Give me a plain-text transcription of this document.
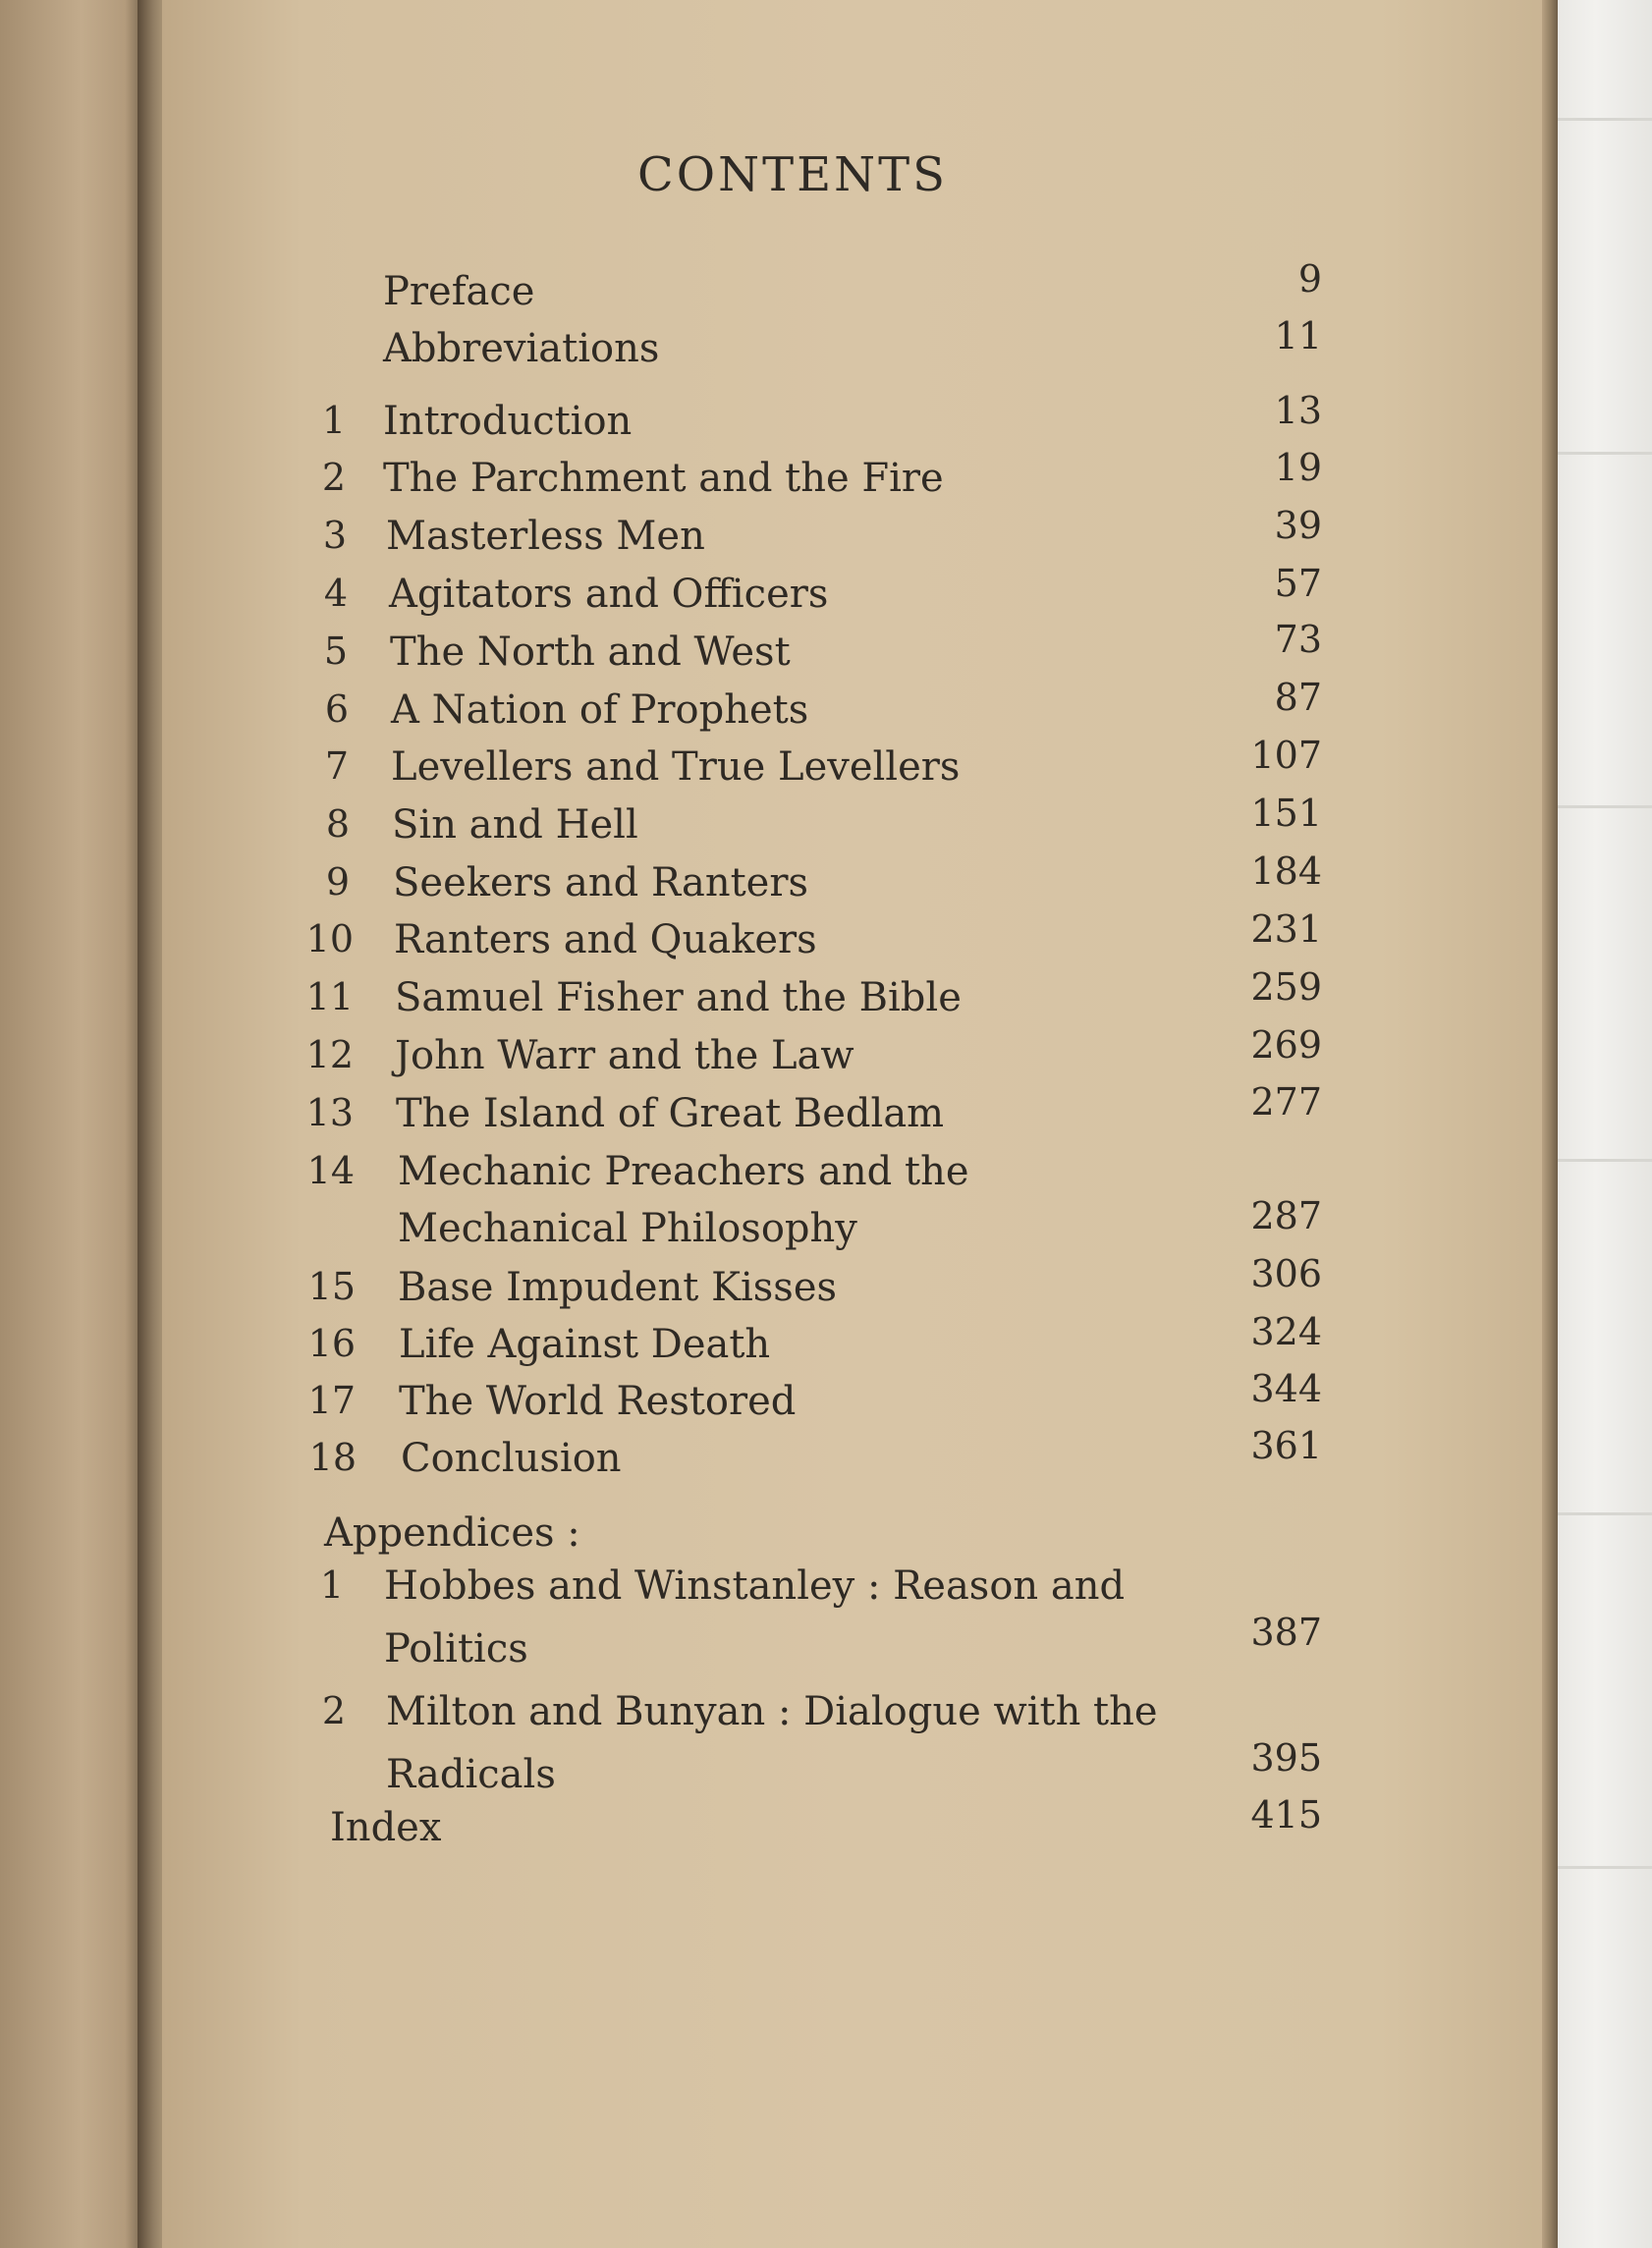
CONTENTS
Preface	9
Abbreviations	11
1 Introduction	13
2 The Parchment and the Fire	19
3 Masterless Men	39
4 Agitators and Officers	57
5 The North and West	73
6 A Nation of Prophets	87
7 Levellers and True Levellers	107
8 Sin and Hell	151
9 Seekers and Ranters	184
10 Ranters and Quakers	231
11 Samuel Fisher and the Bible	259
12 John Warr and the Law	269
13 The Island of Great Bedlam	277
14 Mechanic Preachers and the
Mechanical Philosophy	287
15 Base Impudent Kisses	306
16 Life Against Death	324
17 The World Restored	344
18 Conclusion	361
Appendices :
1 Hobbes and Winstanley : Reason and
Politics	387
2 Milton and Bunyan : Dialogue with the
Radicals	395
Index	415
